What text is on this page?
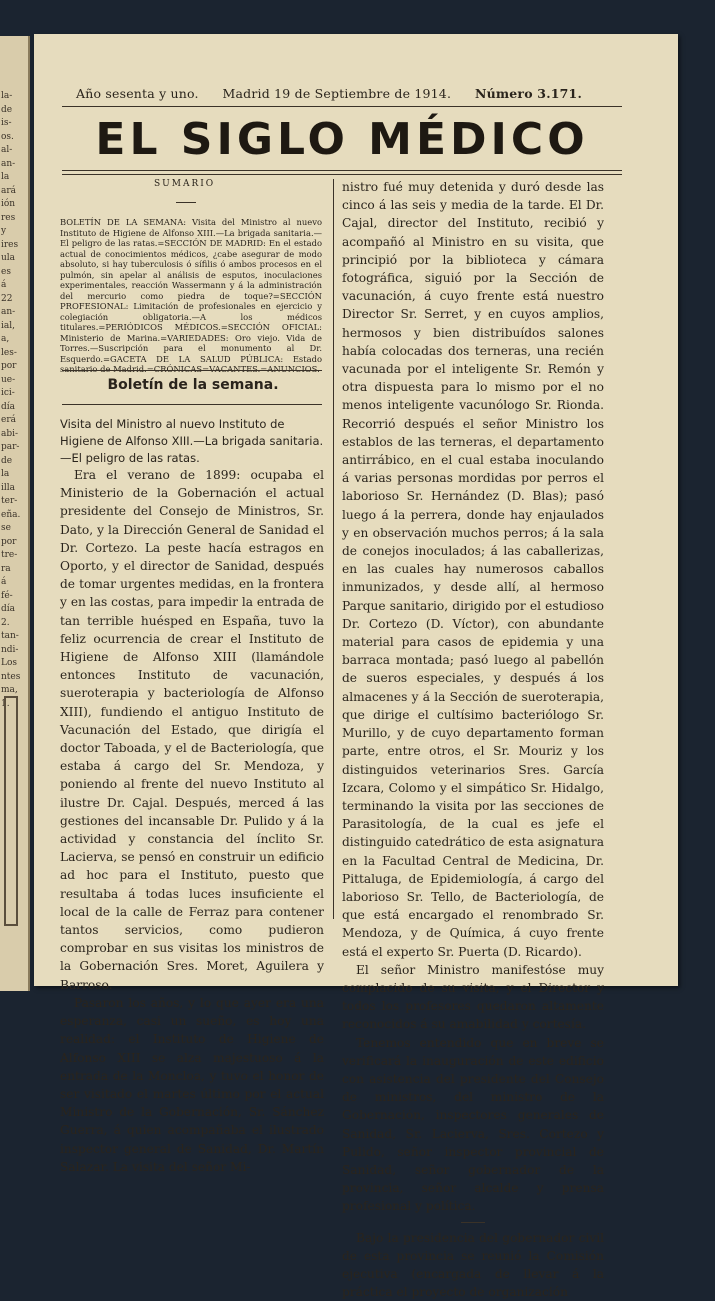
la-
de
is-
os.
al-
an-
la
ará
ión
res
y
ires
ula
es
á
22
an-
ial,
a,
les-
por
ue-
ici-
día
erá
abi-
par-
de
la
illa
ter-
eña.
se
por
tre-
ra
á
fé-
día
2.
tan-
ndi-
Los
ntes
ma,
1.
Año sesenta y uno. Madrid 19 de Septiembre de 1914. Número 3.171.
EL SIGLO MÉDICO
SUMARIO
BOLETÍN DE LA SEMANA: Visita del Ministro al nuevo Instituto de Higiene de Alfonso XIII.—La brigada sanitaria.—El peligro de las ratas.=SECCIÓN DE MADRID: En el estado actual de conocimientos médicos, ¿cabe asegurar de modo absoluto, si hay tuberculosis ó sífilis ó ambos procesos en el pulmón, sin apelar al análisis de esputos, inoculaciones experimentales, reacción Wassermann y á la administración del mercurio como piedra de toque?=SECCIÓN PROFESIONAL: Limitación de profesionales en ejercicio y colegiación obligatoria.—A los médicos titulares.=PERIÓDICOS MÉDICOS.=SECCIÓN OFICIAL: Ministerio de Marina.=VARIEDADES: Oro viejo. Vida de Torres.—Suscripción para el monumento al Dr. Esquerdo.=GACETA DE LA SALUD PÚBLICA: Estado sanitario de Madrid.=CRÓNICAS=VACANTES.=ANUNCIOS.
Boletín de la semana.
Visita del Ministro al nuevo Instituto de Higiene de Alfonso XIII.—La brigada sanitaria.—El peligro de las ratas.

Era el verano de 1899: ocupaba el Ministerio de la Gobernación el actual presidente del Consejo de Ministros, Sr. Dato, y la Dirección General de Sanidad el Dr. Cortezo. La peste hacía estragos en Oporto, y el director de Sanidad, después de tomar urgentes medidas, en la frontera y en las costas, para impedir la entrada de tan terrible huésped en España, tuvo la feliz ocurrencia de crear el Instituto de Higiene de Alfonso XIII (llamándole entonces Instituto de vacunación, sueroterapia y bacteriología de Alfonso XIII), fundiendo el antiguo Instituto de Vacunación del Estado, que dirigía el doctor Taboada, y el de Bacteriología, que estaba á cargo del Sr. Mendoza, y poniendo al frente del nuevo Instituto al ilustre Dr. Cajal. Después, merced á las gestiones del incansable Dr. Pulido y á la actividad y constancia del ínclito Sr. Lacierva, se pensó en construir un edificio ad hoc para el Instituto, puesto que resultaba á todas luces insuficiente el local de la calle de Ferraz para contener tantos servicios, como pudieron comprobar en sus visitas los ministros de la Gobernación Sres. Moret, Aguilera y Barroso.

Pasaron los años, y lo que ayer era una esperanza, casi un sueño, es hoy una realidad: el Instituto de Higiene de Alfonso XIII se alza majestuoso á la entrada de la Moncloa, y tuvo el honor de ser visitado el martes último por el actual Ministro de la Gobernación, Sr. Sánchez Guerra, á quien acompañaba el ilustrado inspector general de Sanidad, Dr. Martín Salazar. La visita del señor Mi-

nistro fué muy detenida y duró desde las cinco á las seis y media de la tarde. El Dr. Cajal, director del Instituto, recibió y acompañó al Ministro en su visita, que principió por la biblioteca y cámara fotográfica, siguió por la Sección de vacunación, á cuyo frente está nuestro Director Sr. Serret, y en cuyos amplios, hermosos y bien distribuídos salones había colocadas dos terneras, una recién vacunada por el inteligente Sr. Remón y otra dispuesta para lo mismo por el no menos inteligente vacunólogo Sr. Rionda. Recorrió después el señor Ministro los establos de las terneras, el departamento antirrábico, en el cual estaba inoculando á varias personas mordidas por perros el laborioso Sr. Hernández (D. Blas); pasó luego á la perrera, donde hay enjaulados y en observación muchos perros; á la sala de conejos inoculados; á las caballerizas, en las cuales hay numerosos caballos inmunizados, y desde allí, al hermoso Parque sanitario, dirigido por el estudioso Dr. Cortezo (D. Víctor), con abundante material para casos de epidemia y una barraca montada; pasó luego al pabellón de sueros especiales, y después á los almacenes y á la Sección de sueroterapia, que dirige el cultísimo bacteriólogo Sr. Murillo, y de cuyo departamento forman parte, entre otros, el Sr. Mouriz y los distinguidos veterinarios Sres. García Izcara, Colomo y el simpático Sr. Hidalgo, terminando la visita por las secciones de Parasitología, de la cual es jefe el distinguido catedrático de esta asignatura en la Facultad Central de Medicina, Dr. Pittaluga, de Epidemiología, á cargo del laborioso Sr. Tello, de Bacteriología, de que está encargado el renombrado Sr. Mendoza, y de Química, á cuyo frente está el experto Sr. Puerta (D. Ricardo).

El señor Ministro manifestóse muy complacido de su visita, y el Director y todos los profesores quedaron altamente reconocidos á su amabilidad y cortesía.

Tenemos entendido que en breve se verificará la inauguración de este edificio con asistencia del presidente del Consejo de ministros, del ministro de la Gobernación, inspectores generales de Sanidad, Sr. Lacierva, Sres. Cortezo y Pulido, señor inspector provincial de Sanidad, señor gobernador de la provincia, señor alcalde y prensa profesional y política.

Bajo la presidencia del gobernador civil de esta provincia se reunió la Comisión ejecutiva (encargada de llevar á la práctica el proyecto de organización
